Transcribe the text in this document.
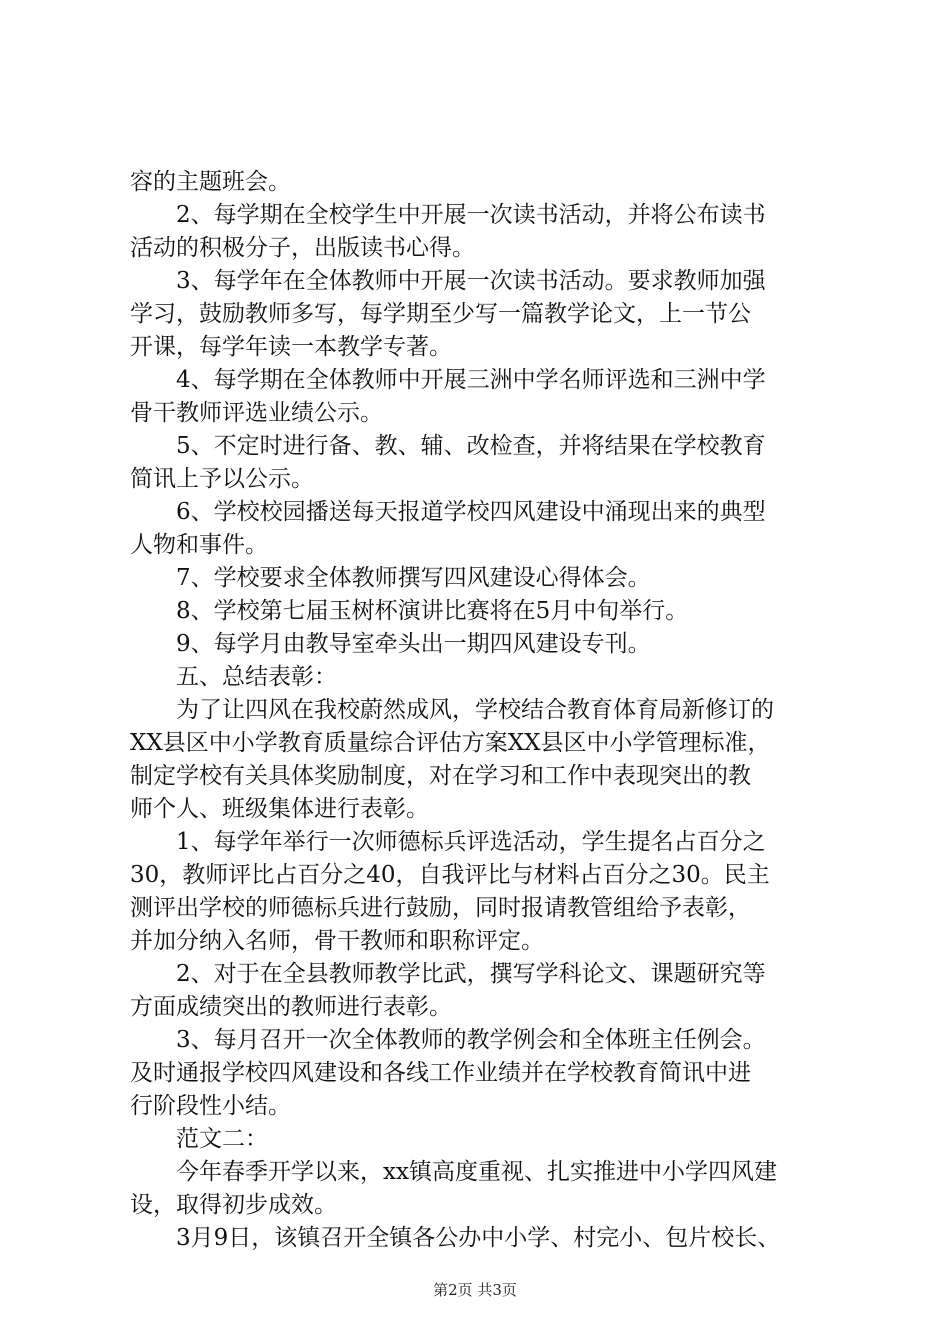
容的主题班会。
2、每学期在全校学生中开展一次读书活动，并将公布读书
活动的积极分子，出版读书心得。
3、每学年在全体教师中开展一次读书活动。要求教师加强
学习，鼓励教师多写，每学期至少写一篇教学论文，上一节公
开课，每学年读一本教学专著。
4、每学期在全体教师中开展三洲中学名师评选和三洲中学
骨干教师评选业绩公示。
5、不定时进行备、教、辅、改检查，并将结果在学校教育
简讯上予以公示。
6、学校校园播送每天报道学校四风建设中涌现出来的典型
人物和事件。
7、学校要求全体教师撰写四风建设心得体会。
8、学校第七届玉树杯演讲比赛将在5月中旬举行。
9、每学月由教导室牵头出一期四风建设专刊。
五、总结表彰：
为了让四风在我校蔚然成风，学校结合教育体育局新修订的
XX县区中小学教育质量综合评估方案XX县区中小学管理标准，
制定学校有关具体奖励制度，对在学习和工作中表现突出的教
师个人、班级集体进行表彰。
1、每学年举行一次师德标兵评选活动，学生提名占百分之
30，教师评比占百分之40，自我评比与材料占百分之30。民主
测评出学校的师德标兵进行鼓励，同时报请教管组给予表彰，
并加分纳入名师，骨干教师和职称评定。
2、对于在全县教师教学比武，撰写学科论文、课题研究等
方面成绩突出的教师进行表彰。
3、每月召开一次全体教师的教学例会和全体班主任例会。
及时通报学校四风建设和各线工作业绩并在学校教育简讯中进
行阶段性小结。
范文二：
今年春季开学以来，xx镇高度重视、扎实推进中小学四风建
设，取得初步成效。
3月9日，该镇召开全镇各公办中小学、村完小、包片校长、
第2页 共3页
